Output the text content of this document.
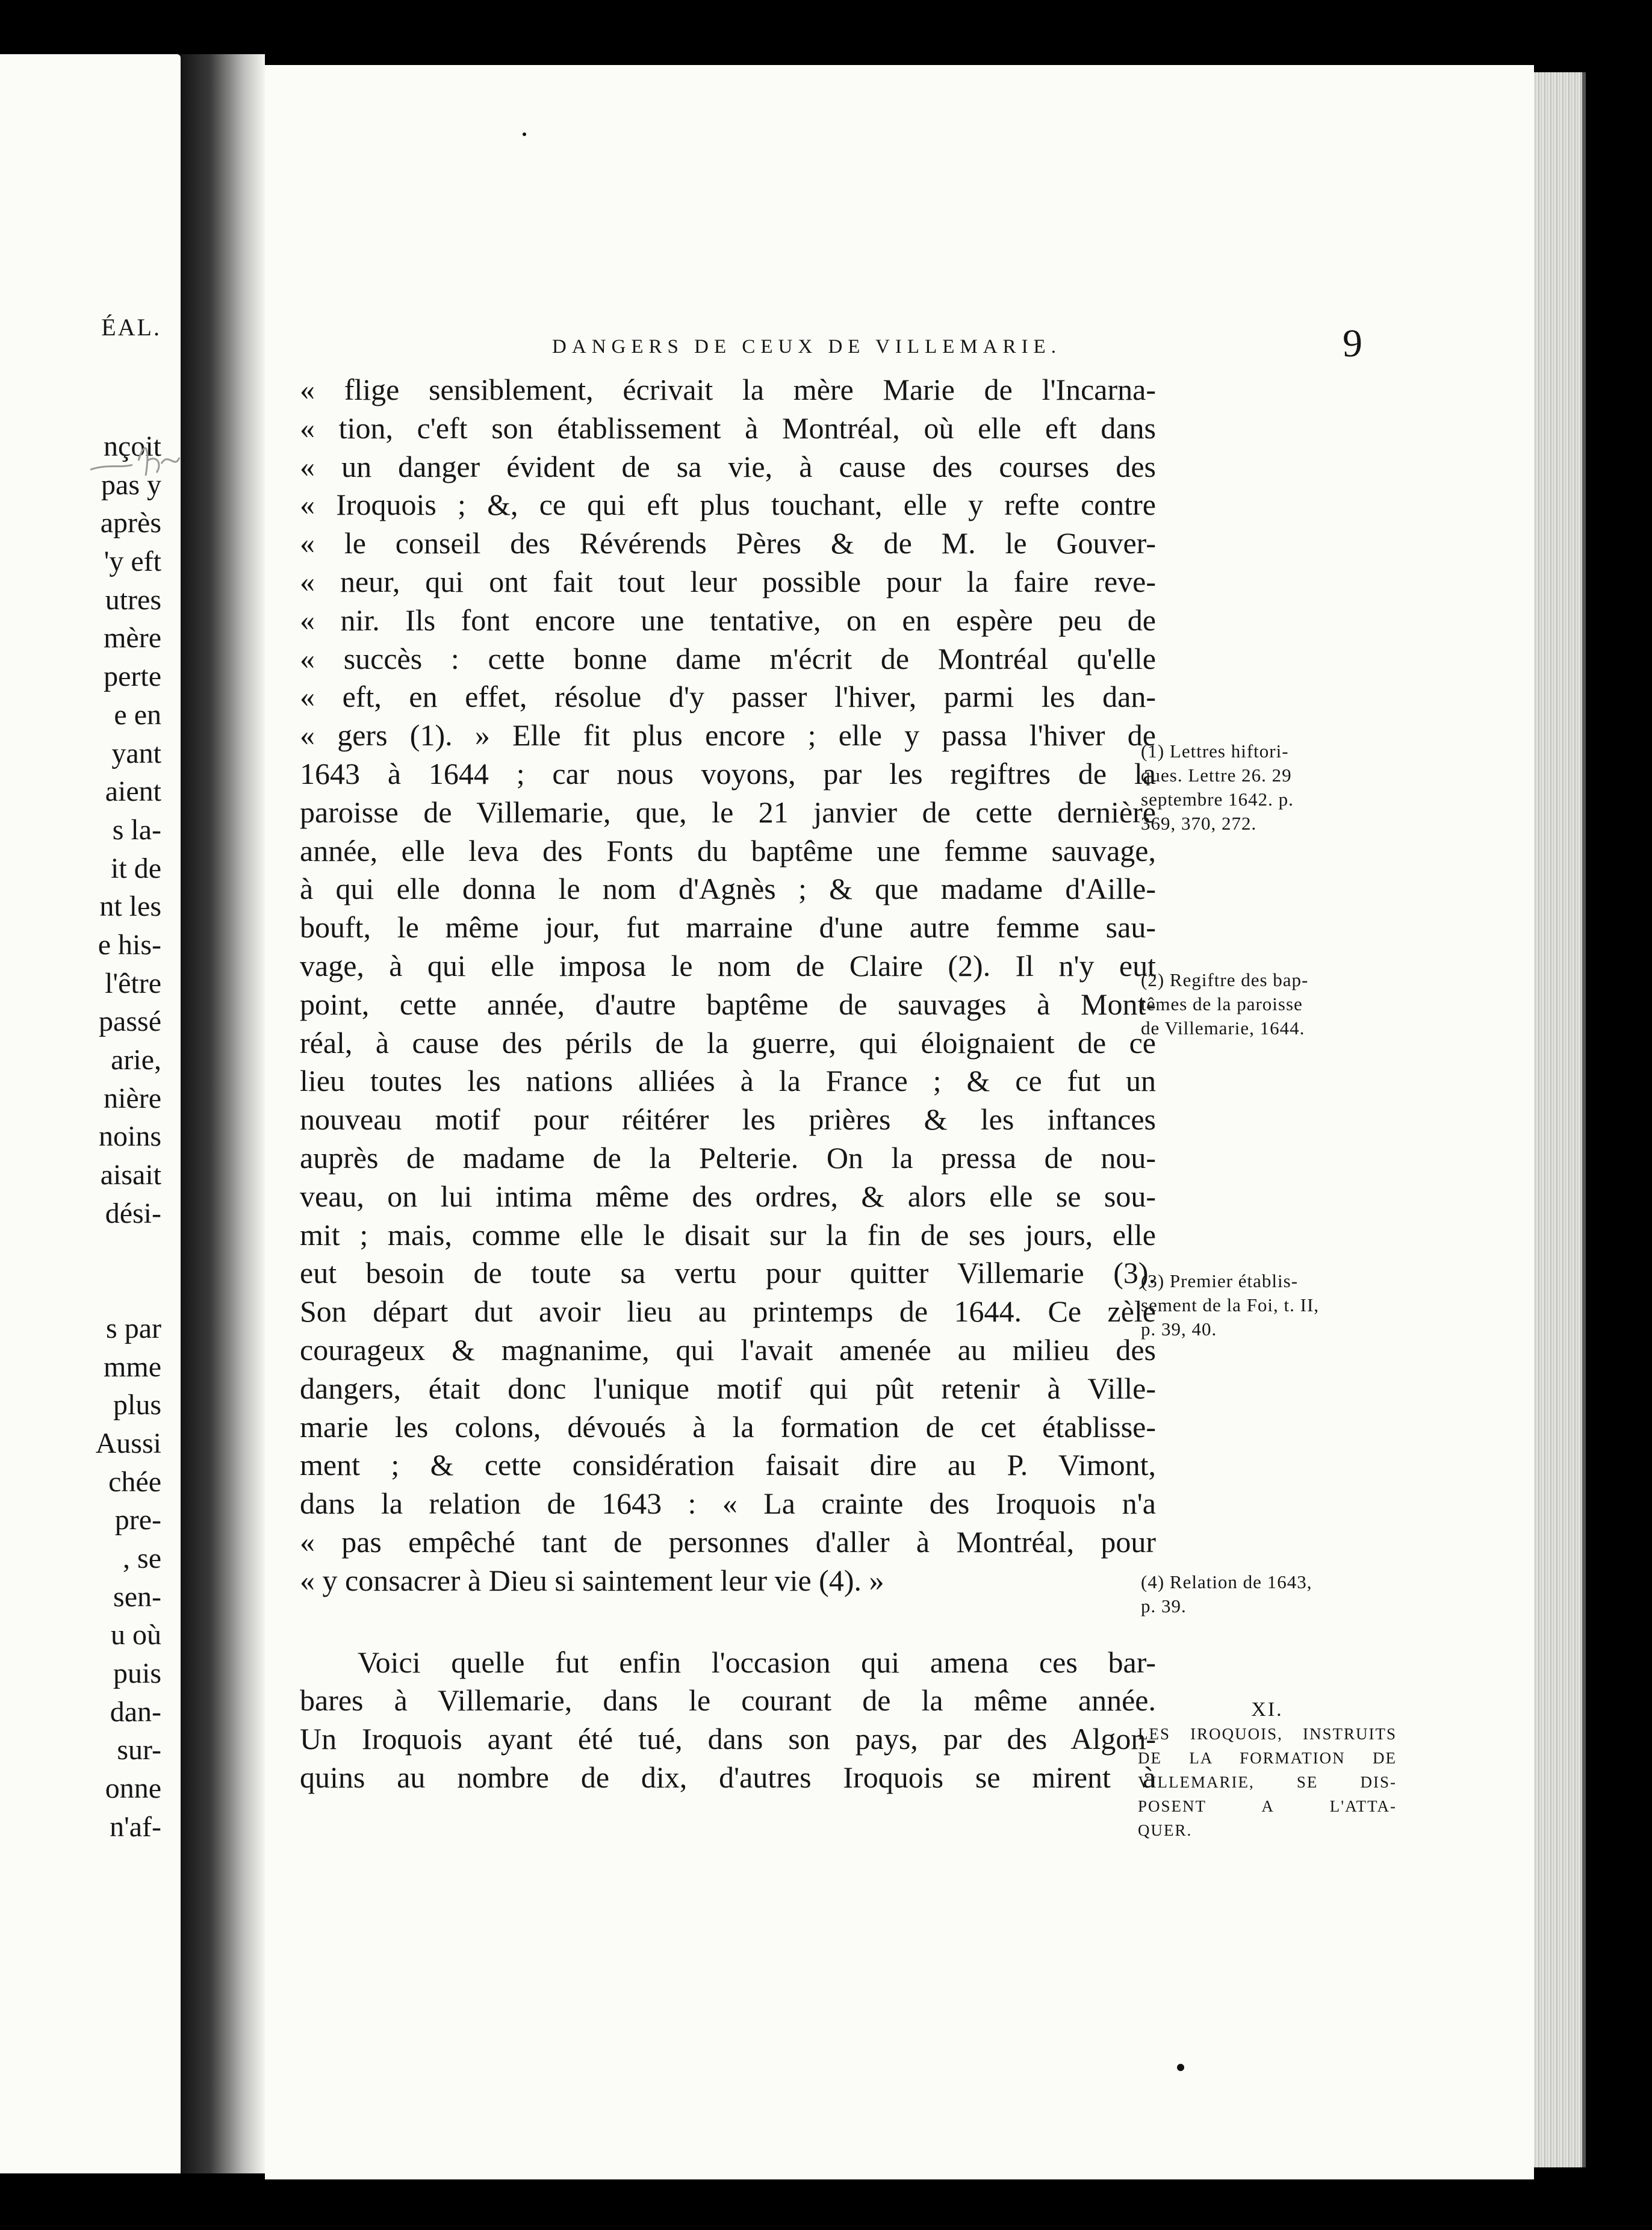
ÉAL.
nçoit
pas y
après
'y eft
utres
mère
perte
e en
yant
aient
s la-
it de
nt les
e his-
l'être
passé
arie,
nière
noins
aisait
dési-
s par
mme
plus
Aussi
chée
pre-
, se
sen-
u où
puis
dan-
sur-
onne
n'af-
DANGERS DE CEUX DE VILLEMARIE.	9
« flige sensiblement, écrivait la mère Marie de l'Incarna-
« tion, c'eft son établissement à Montréal, où elle eft dans
« un danger évident de sa vie, à cause des courses des
« Iroquois ; &, ce qui eft plus touchant, elle y refte contre
« le conseil des Révérends Pères & de M. le Gouver-
« neur, qui ont fait tout leur possible pour la faire reve-
« nir. Ils font encore une tentative, on en espère peu de
« succès : cette bonne dame m'écrit de Montréal qu'elle
« eft, en effet, résolue d'y passer l'hiver, parmi les dan-
« gers (1). » Elle fit plus encore ; elle y passa l'hiver de
1643 à 1644 ; car nous voyons, par les regiftres de la
paroisse de Villemarie, que, le 21 janvier de cette dernière
année, elle leva des Fonts du baptême une femme sauvage,
à qui elle donna le nom d'Agnès ; & que madame d'Aille-
bouft, le même jour, fut marraine d'une autre femme sau-
vage, à qui elle imposa le nom de Claire (2). Il n'y eut
point, cette année, d'autre baptême de sauvages à Mont-
réal, à cause des périls de la guerre, qui éloignaient de ce
lieu toutes les nations alliées à la France ; & ce fut un
nouveau motif pour réitérer les prières & les inftances
auprès de madame de la Pelterie. On la pressa de nou-
veau, on lui intima même des ordres, & alors elle se sou-
mit ; mais, comme elle le disait sur la fin de ses jours, elle
eut besoin de toute sa vertu pour quitter Villemarie (3).
Son départ dut avoir lieu au printemps de 1644. Ce zèle
courageux & magnanime, qui l'avait amenée au milieu des
dangers, était donc l'unique motif qui pût retenir à Ville-
marie les colons, dévoués à la formation de cet établisse-
ment ; & cette considération faisait dire au P. Vimont,
dans la relation de 1643 : « La crainte des Iroquois n'a
« pas empêché tant de personnes d'aller à Montréal, pour
« y consacrer à Dieu si saintement leur vie (4). »
Voici quelle fut enfin l'occasion qui amena ces bar-
bares à Villemarie, dans le courant de la même année.
Un Iroquois ayant été tué, dans son pays, par des Algon-
quins au nombre de dix, d'autres Iroquois se mirent à
(1) Lettres hiftori-
ques. Lettre 26. 29
septembre 1642. p.
369, 370, 272.
(2) Regiftre des bap-
têmes de la paroisse
de Villemarie, 1644.
(3) Premier établis-
sement de la Foi, t. II,
p. 39, 40.
(4) Relation de 1643,
p. 39.
XI.
LES IROQUOIS, INSTRUITS
DE LA FORMATION DE
VILLEMARIE, SE DIS-
POSENT A L'ATTA-
QUER.
